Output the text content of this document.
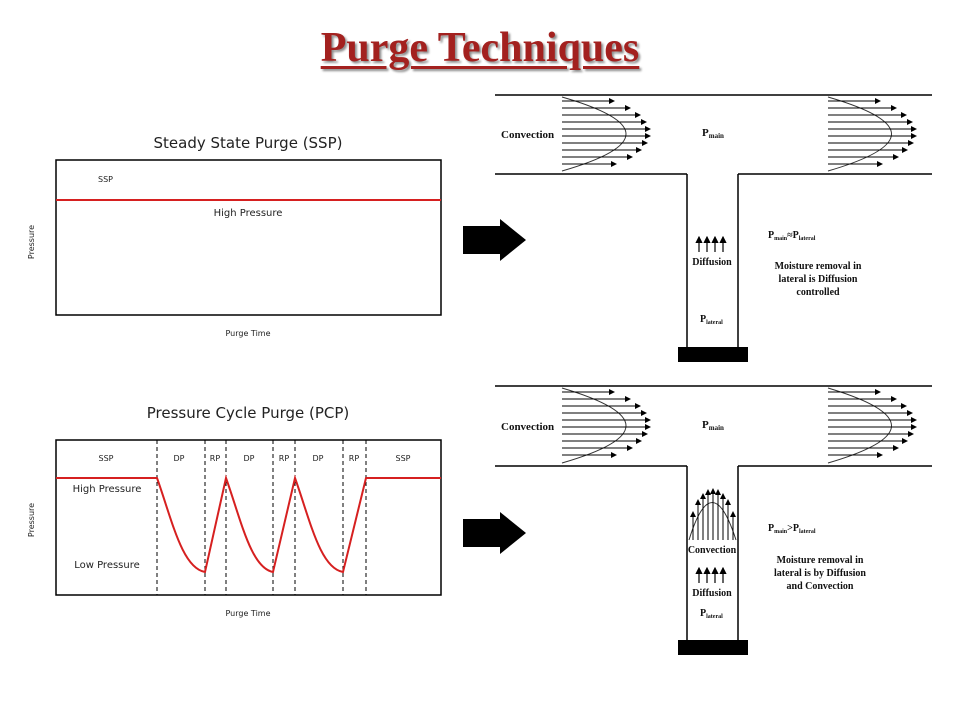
Purge Techniques
Steady State Purge (SSP)
Pressure Cycle Purge (PCP)
SSP
High Pressure
Purge Time
Pressure
SSP	DP	RP	DP	RP	DP	RP	SSP
High Pressure
Low Pressure
Purge Time
Pressure
Convection	Pmain
$P_{main}\approx P_{lateral}$
Moisture removal in
lateral is Diffusion
controlled
Diffusion
$P_{lateral}$
Convection	Pmain
$P_{main}>P_{lateral}$
Moisture removal in
lateral is by Diffusion
and Convection
Convection
Diffusion
$P_{lateral}$
